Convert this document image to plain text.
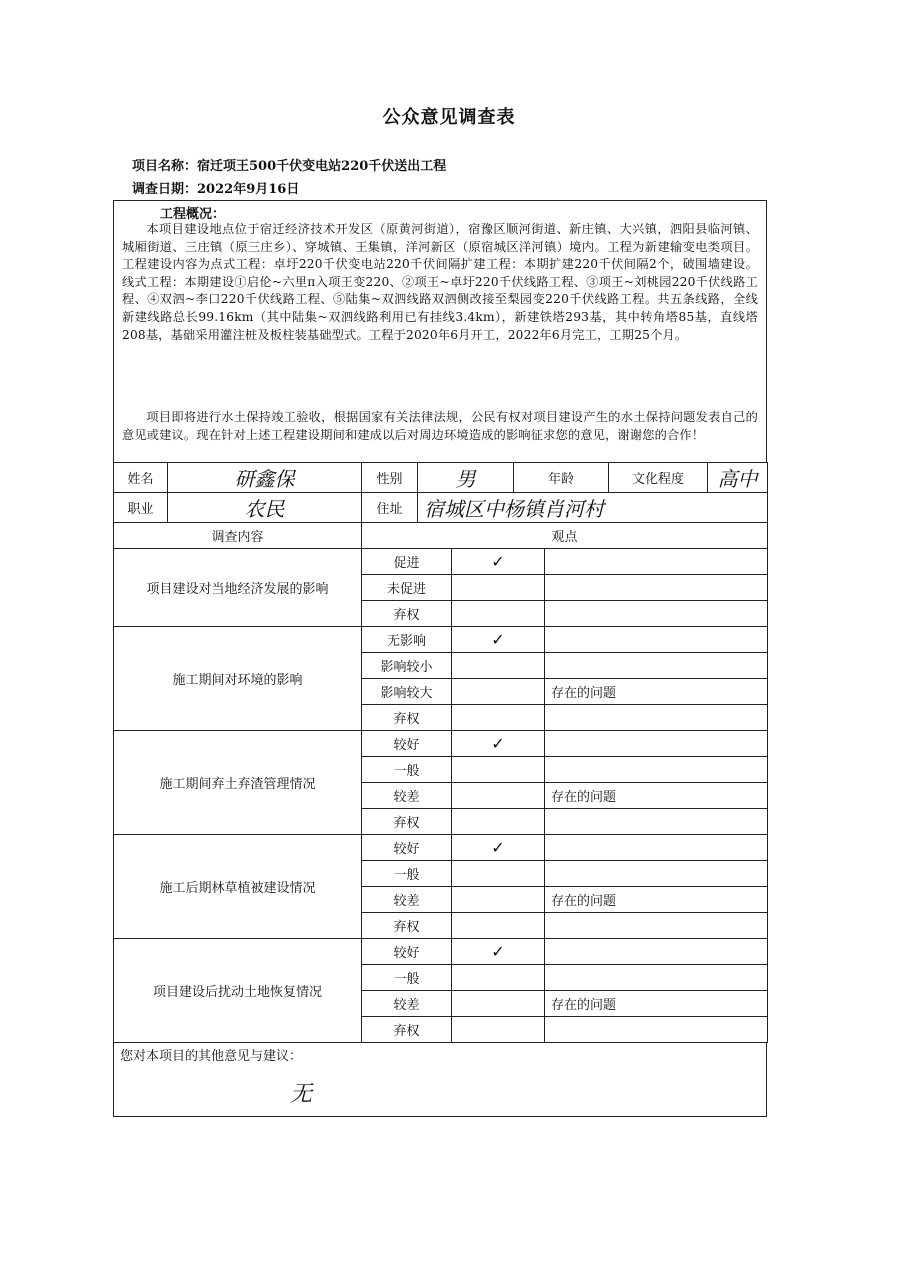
公众意见调查表
项目名称：宿迁项王500千伏变电站220千伏送出工程
调查日期：2022年9月16日
工程概况：

本项目建设地点位于宿迁经济技术开发区（原黄河街道），宿豫区顺河街道、新庄镇、大兴镇，泗阳县临河镇、城厢街道、三庄镇（原三庄乡）、穿城镇、王集镇，洋河新区（原宿城区洋河镇）境内。工程为新建输变电类项目。工程建设内容为点式工程：卓圩220千伏变电站220千伏间隔扩建工程：本期扩建220千伏间隔2个，破围墙建设。线式工程：本期建设①启伦~六里π入项王变220、②项王~卓圩220千伏线路工程、③项王~刘桃园220千伏线路工程、④双泗~李口220千伏线路工程、⑤陆集~双泗线路双泗侧改接至梨园变220千伏线路工程。共五条线路，全线新建线路总长99.16km（其中陆集~双泗线路利用已有挂线3.4km），新建铁塔293基，其中转角塔85基，直线塔208基，基础采用灌注桩及板柱装基础型式。工程于2020年6月开工，2022年6月完工，工期25个月。

项目即将进行水土保持竣工验收，根据国家有关法律法规，公民有权对项目建设产生的水土保持问题发表自己的意见或建议。现在针对上述工程建设期间和建成以后对周边环境造成的影响征求您的意见，谢谢您的合作！

姓名	研鑫保	性别	男		年龄		文化程度	高中
职业	农民	住址	宿城区中杨镇肖河村					
调查内容		观点						
项目建设对当地经济发展的影响		促进		✓				
		未促进						
		弃权						
施工期间对环境的影响		无影响		✓				
		影响较小						
		影响较大				存在的问题		
		弃权						
施工期间弃土弃渣管理情况		较好		✓				
		一般						
		较差				存在的问题		
		弃权						
施工后期林草植被建设情况		较好		✓				
		一般						
		较差				存在的问题		
		弃权						
项目建设后扰动土地恢复情况		较好		✓				
		一般						
		较差				存在的问题		
		弃权						
您对本项目的其他意见与建议：
无
